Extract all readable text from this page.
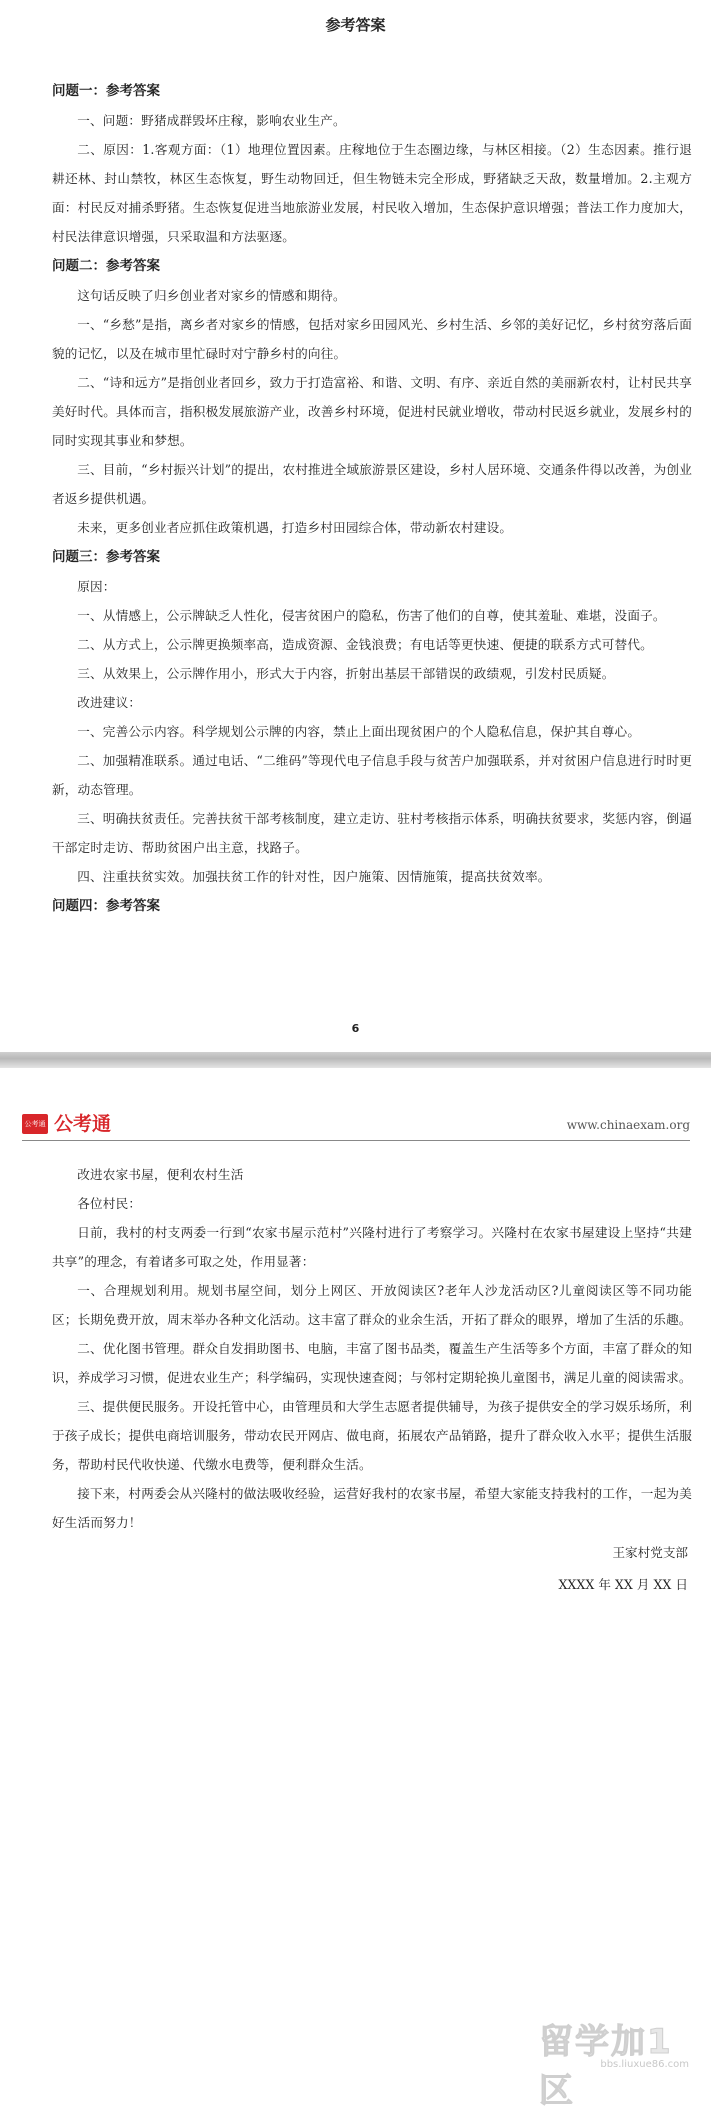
参考答案

问题一：参考答案

一、问题：野猪成群毁坏庄稼，影响农业生产。

二、原因：1.客观方面：（1）地理位置因素。庄稼地位于生态圈边缘，与林区相接。（2）生态因素。推行退耕还林、封山禁牧，林区生态恢复，野生动物回迁，但生物链未完全形成，野猪缺乏天敌，数量增加。2.主观方面：村民反对捕杀野猪。生态恢复促进当地旅游业发展，村民收入增加，生态保护意识增强；普法工作力度加大，村民法律意识增强，只采取温和方法驱逐。

问题二：参考答案

这句话反映了归乡创业者对家乡的情感和期待。

一、“乡愁”是指，离乡者对家乡的情感，包括对家乡田园风光、乡村生活、乡邻的美好记忆，乡村贫穷落后面貌的记忆，以及在城市里忙碌时对宁静乡村的向往。

二、“诗和远方”是指创业者回乡，致力于打造富裕、和谐、文明、有序、亲近自然的美丽新农村，让村民共享美好时代。具体而言，指积极发展旅游产业，改善乡村环境，促进村民就业增收，带动村民返乡就业，发展乡村的同时实现其事业和梦想。

三、目前，“乡村振兴计划”的提出，农村推进全域旅游景区建设，乡村人居环境、交通条件得以改善，为创业者返乡提供机遇。

未来，更多创业者应抓住政策机遇，打造乡村田园综合体，带动新农村建设。

问题三：参考答案

原因：

一、从情感上，公示牌缺乏人性化，侵害贫困户的隐私，伤害了他们的自尊，使其羞耻、难堪，没面子。

二、从方式上，公示牌更换频率高，造成资源、金钱浪费；有电话等更快速、便捷的联系方式可替代。

三、从效果上，公示牌作用小，形式大于内容，折射出基层干部错误的政绩观，引发村民质疑。

改进建议：

一、完善公示内容。科学规划公示牌的内容，禁止上面出现贫困户的个人隐私信息，保护其自尊心。

二、加强精准联系。通过电话、“二维码”等现代电子信息手段与贫苦户加强联系，并对贫困户信息进行时时更新，动态管理。

三、明确扶贫责任。完善扶贫干部考核制度，建立走访、驻村考核指示体系，明确扶贫要求，奖惩内容，倒逼干部定时走访、帮助贫困户出主意，找路子。

四、注重扶贫实效。加强扶贫工作的针对性，因户施策、因情施策，提高扶贫效率。

问题四：参考答案

6
公考通 公考通	www.chinaexam.org

改进农家书屋，便利农村生活

各位村民：

日前，我村的村支两委一行到“农家书屋示范村”兴隆村进行了考察学习。兴隆村在农家书屋建设上坚持“共建共享”的理念，有着诸多可取之处，作用显著：

一、合理规划利用。规划书屋空间，划分上网区、开放阅读区?老年人沙龙活动区?儿童阅读区等不同功能区；长期免费开放，周末举办各种文化活动。这丰富了群众的业余生活，开拓了群众的眼界，增加了生活的乐趣。

二、优化图书管理。群众自发捐助图书、电脑，丰富了图书品类，覆盖生产生活等多个方面，丰富了群众的知识，养成学习习惯，促进农业生产；科学编码，实现快速查阅；与邻村定期轮换儿童图书，满足儿童的阅读需求。

三、提供便民服务。开设托管中心，由管理员和大学生志愿者提供辅导，为孩子提供安全的学习娱乐场所，利于孩子成长；提供电商培训服务，带动农民开网店、做电商，拓展农产品销路，提升了群众收入水平；提供生活服务，帮助村民代收快递、代缴水电费等，便利群众生活。

接下来，村两委会从兴隆村的做法吸收经验，运营好我村的农家书屋，希望大家能支持我村的工作，一起为美好生活而努力！

王家村党支部

XXXX 年 XX 月 XX 日

留学加1区
bbs.liuxue86.com
